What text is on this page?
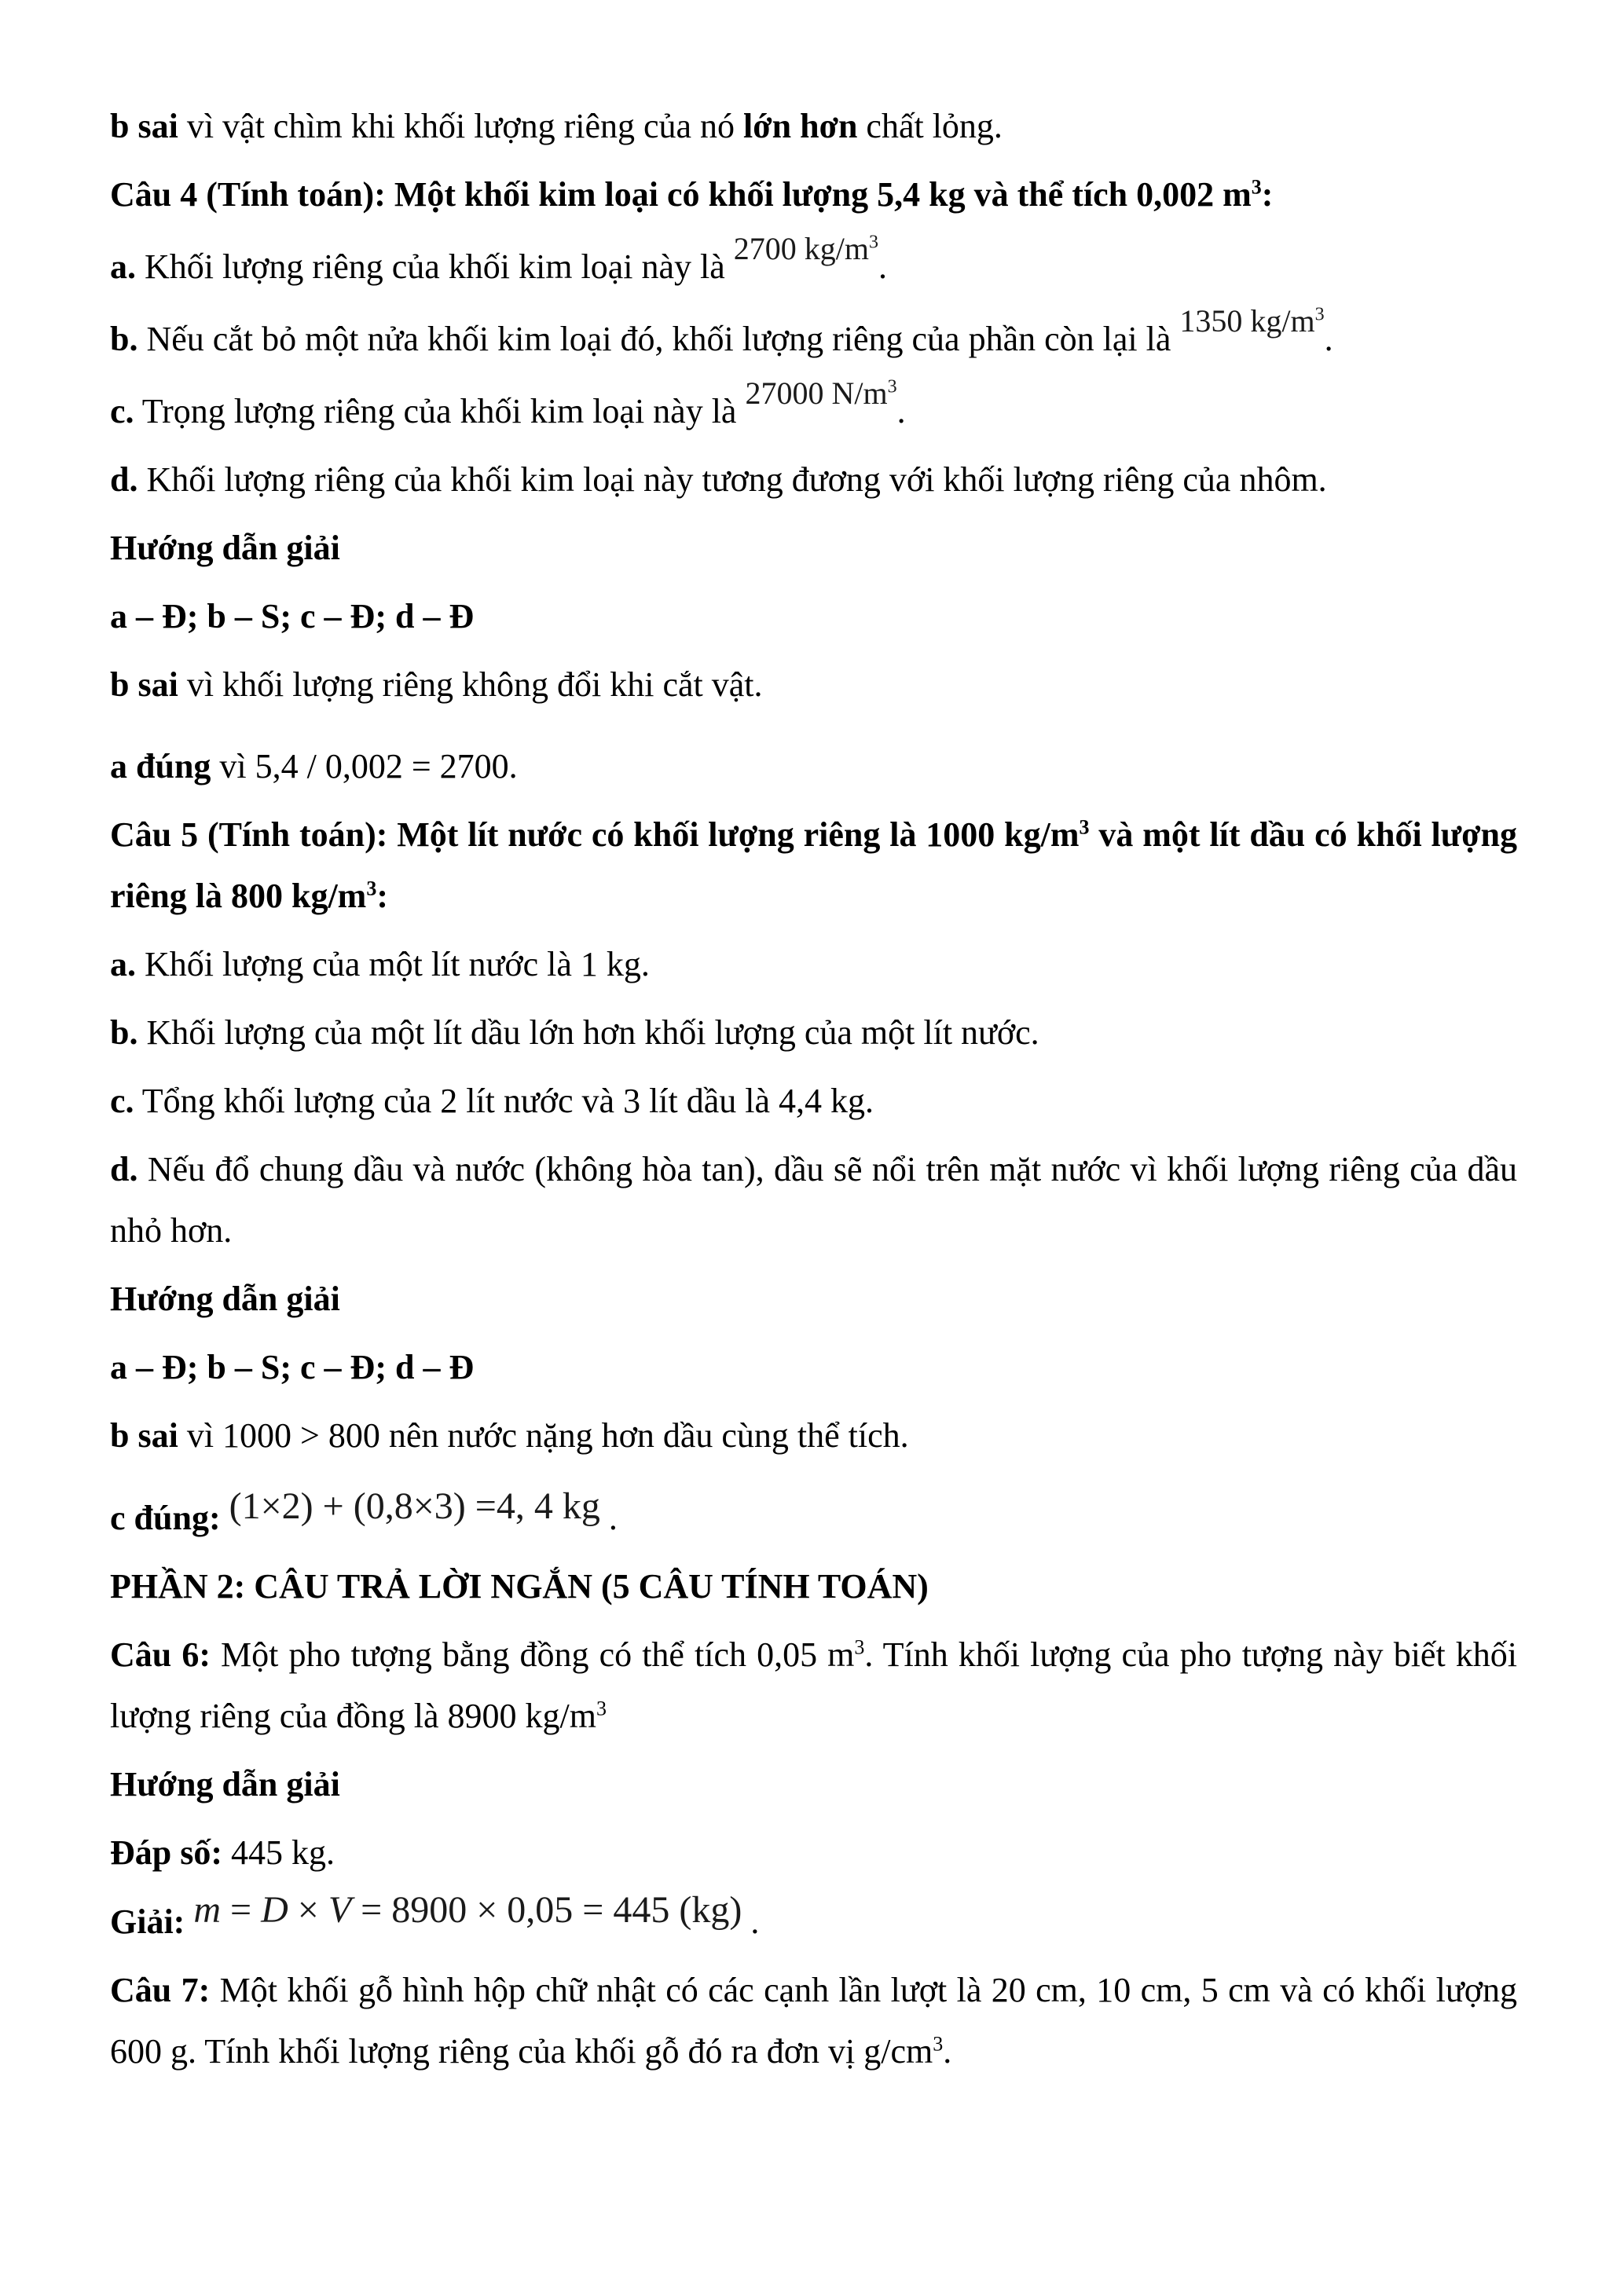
b sai vì vật chìm khi khối lượng riêng của nó lớn hơn chất lỏng.

Câu 4 (Tính toán): Một khối kim loại có khối lượng 5,4 kg và thể tích 0,002 $m^3$:

a. Khối lượng riêng của khối kim loại này là 2700 $kg/m^3$.

b. Nếu cắt bỏ một nửa khối kim loại đó, khối lượng riêng của phần còn lại là 1350 $kg/m^3$.

c. Trọng lượng riêng của khối kim loại này là 27000 $N/m^3$.

d. Khối lượng riêng của khối kim loại này tương đương với khối lượng riêng của nhôm.

Hướng dẫn giải

a – Đ; b – S; c – Đ; d – Đ

b sai vì khối lượng riêng không đổi khi cắt vật.

a đúng vì 5,4 / 0,002 = 2700.

Câu 5 (Tính toán): Một lít nước có khối lượng riêng là 1000 $kg/m^3$ và một lít dầu có khối lượng riêng là 800 $kg/m^3$:

a. Khối lượng của một lít nước là 1 kg.

b. Khối lượng của một lít dầu lớn hơn khối lượng của một lít nước.

c. Tổng khối lượng của 2 lít nước và 3 lít dầu là 4,4 kg.

d. Nếu đổ chung dầu và nước (không hòa tan), dầu sẽ nổi trên mặt nước vì khối lượng riêng của dầu nhỏ hơn.

Hướng dẫn giải

a – Đ; b – S; c – Đ; d – Đ

b sai vì 1000 > 800 nên nước nặng hơn dầu cùng thể tích.

c đúng: (1×2) + (0,8×3) =4, 4 kg .

PHẦN 2: CÂU TRẢ LỜI NGẮN (5 CÂU TÍNH TOÁN)

Câu 6: Một pho tượng bằng đồng có thể tích 0,05 $m^3$. Tính khối lượng của pho tượng này biết khối lượng riêng của đồng là 8900 $kg/m^3$

Hướng dẫn giải

Đáp số: 445 kg.

Giải: m = D × V = 8900 × 0,05 = 445 (kg) .

Câu 7: Một khối gỗ hình hộp chữ nhật có các cạnh lần lượt là 20 cm, 10 cm, 5 cm và có khối lượng 600 g. Tính khối lượng riêng của khối gỗ đó ra đơn vị $g/cm^3$.
